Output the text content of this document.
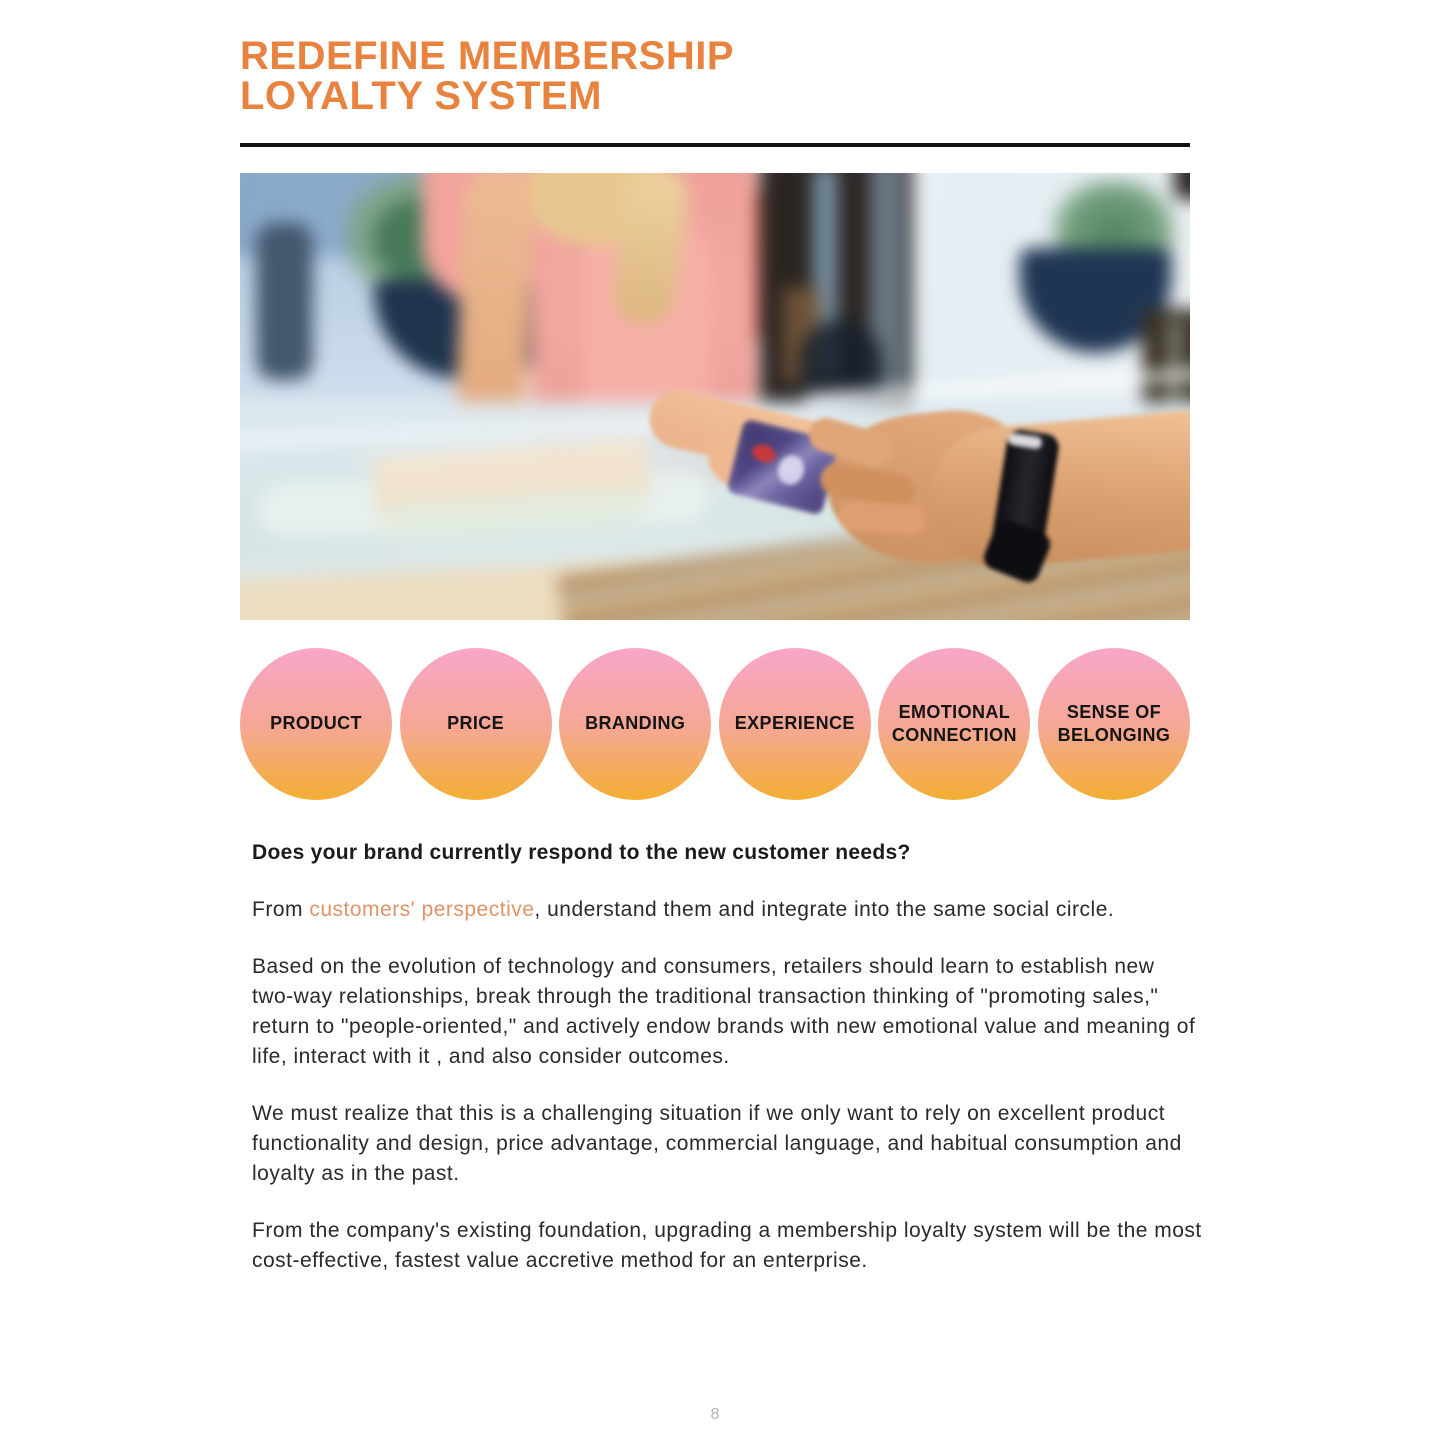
REDEFINE MEMBERSHIP
LOYALTY SYSTEM
PRODUCT	PRICE	BRANDING	EXPERIENCE
EMOTIONAL CONNECTION
SENSE OF BELONGING

Does your brand currently respond to the new customer needs?

From customers' perspective, understand them and integrate into the same social circle.

Based on the evolution of technology and consumers, retailers should learn to establish new two-way relationships, break through the traditional transaction thinking of "promoting sales," return to "people-oriented," and actively endow brands with new emotional value and meaning of life, interact with it , and also consider outcomes.

We must realize that this is a challenging situation if we only want to rely on excellent product functionality and design, price advantage, commercial language, and habitual consumption and loyalty as in the past.

From the company's existing foundation, upgrading a membership loyalty system will be the most cost-effective, fastest value accretive method for an enterprise.

8
